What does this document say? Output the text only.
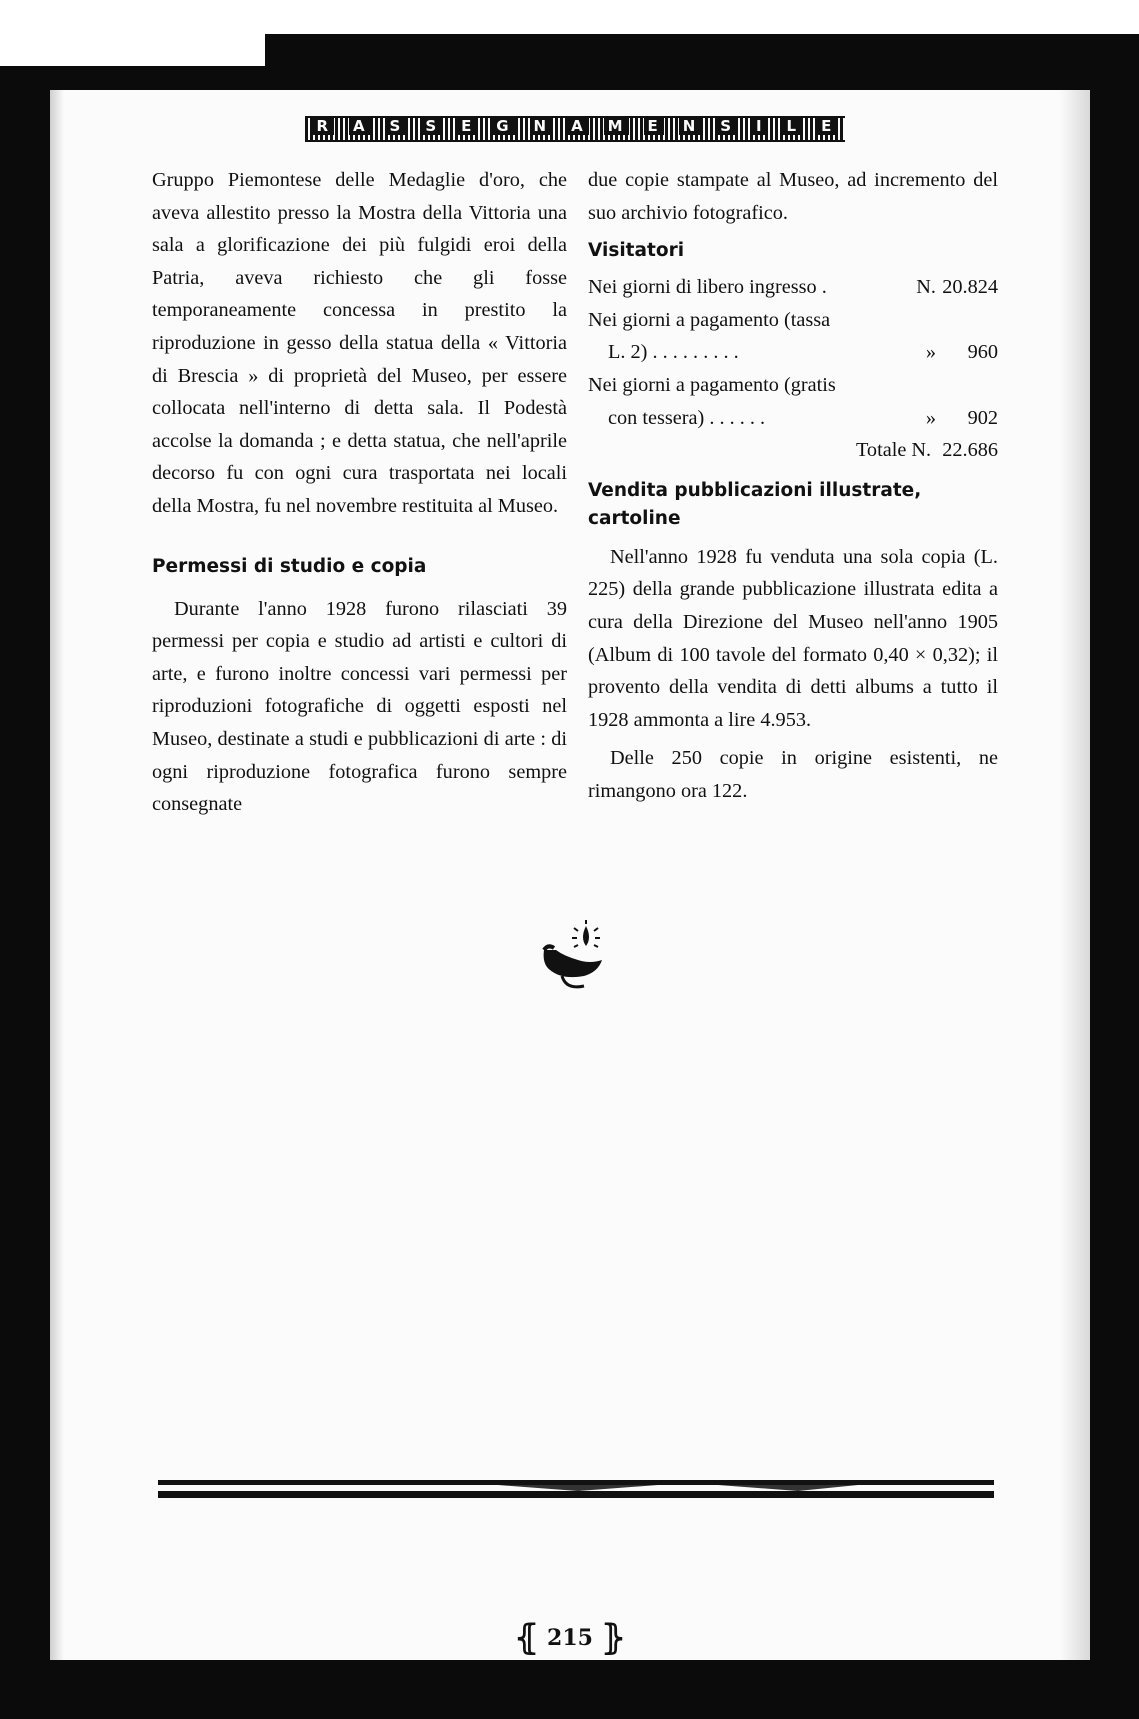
R A S S E G N A M E N S I L E

Gruppo Piemontese delle Medaglie d'oro, che aveva allestito presso la Mostra della Vittoria una sala a glorificazione dei più fulgidi eroi della Patria, aveva richiesto che gli fosse temporaneamente concessa in prestito la riproduzione in gesso della statua della « Vittoria di Brescia » di proprietà del Museo, per essere collocata nell'interno di detta sala. Il Podestà accolse la domanda ; e detta statua, che nell'aprile decorso fu con ogni cura trasportata nei locali della Mostra, fu nel novembre restituita al Museo.

Permessi di studio e copia

Durante l'anno 1928 furono rilasciati 39 permessi per copia e studio ad artisti e cultori di arte, e furono inoltre concessi vari permessi per riproduzioni fotografiche di oggetti esposti nel Museo, destinate a studi e pubblicazioni di arte : di ogni riproduzione fotografica furono sempre consegnate

due copie stampate al Museo, ad incremento del suo archivio fotografico.

Visitatori
Nei giorni di libero ingresso .	N. 20.824
Nei giorni a pagamento (tassa
L. 2) . . . . . . . . .	»	960
Nei giorni a pagamento (gratis
con tessera) . . . . . .	»	902
Totale N. 22.686
Vendita pubblicazioni illustrate, cartoline

Nell'anno 1928 fu venduta una sola copia (L. 225) della grande pubblicazione illustrata edita a cura della Direzione del Museo nell'anno 1905 (Album di 100 tavole del formato 0,40 × 0,32); il provento della vendita di detti albums a tutto il 1928 ammonta a lire 4.953.

Delle 250 copie in origine esistenti, ne rimangono ora 122.

⦃ 215 ⦄
